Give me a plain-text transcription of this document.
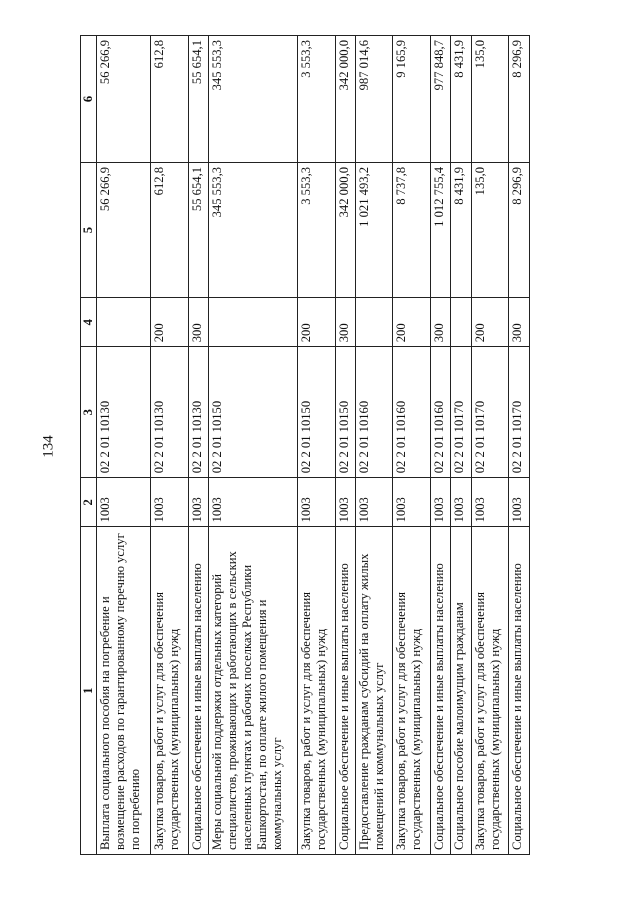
134
1	2	3	4	5	6
Выплата социального пособия на погребение и возмещение расходов по гарантированному перечню услуг по погребению	1003	02 2 01 10130		56 266,9	56 266,9
Закупка товаров, работ и услуг для обеспечения государственных (муниципальных) нужд	1003	02 2 01 10130	200	612,8	612,8
Социальное обеспечение и иные выплаты населению	1003	02 2 01 10130	300	55 654,1	55 654,1
Меры социальной поддержки отдельных категорий специалистов, проживающих и работающих в сельских населенных пунктах и рабочих поселках Республики Башкортостан, по оплате жилого помещения и коммунальных услуг	1003	02 2 01 10150		345 553,3	345 553,3
Закупка товаров, работ и услуг для обеспечения государственных (муниципальных) нужд	1003	02 2 01 10150	200	3 553,3	3 553,3
Социальное обеспечение и иные выплаты населению	1003	02 2 01 10150	300	342 000,0	342 000,0
Предоставление гражданам субсидий на оплату жилых помещений и коммунальных услуг	1003	02 2 01 10160		1 021 493,2	987 014,6
Закупка товаров, работ и услуг для обеспечения государственных (муниципальных) нужд	1003	02 2 01 10160	200	8 737,8	9 165,9
Социальное обеспечение и иные выплаты населению	1003	02 2 01 10160	300	1 012 755,4	977 848,7
Социальное пособие малоимущим гражданам	1003	02 2 01 10170		8 431,9	8 431,9
Закупка товаров, работ и услуг для обеспечения государственных (муниципальных) нужд	1003	02 2 01 10170	200	135,0	135,0
Социальное обеспечение и иные выплаты населению	1003	02 2 01 10170	300	8 296,9	8 296,9
